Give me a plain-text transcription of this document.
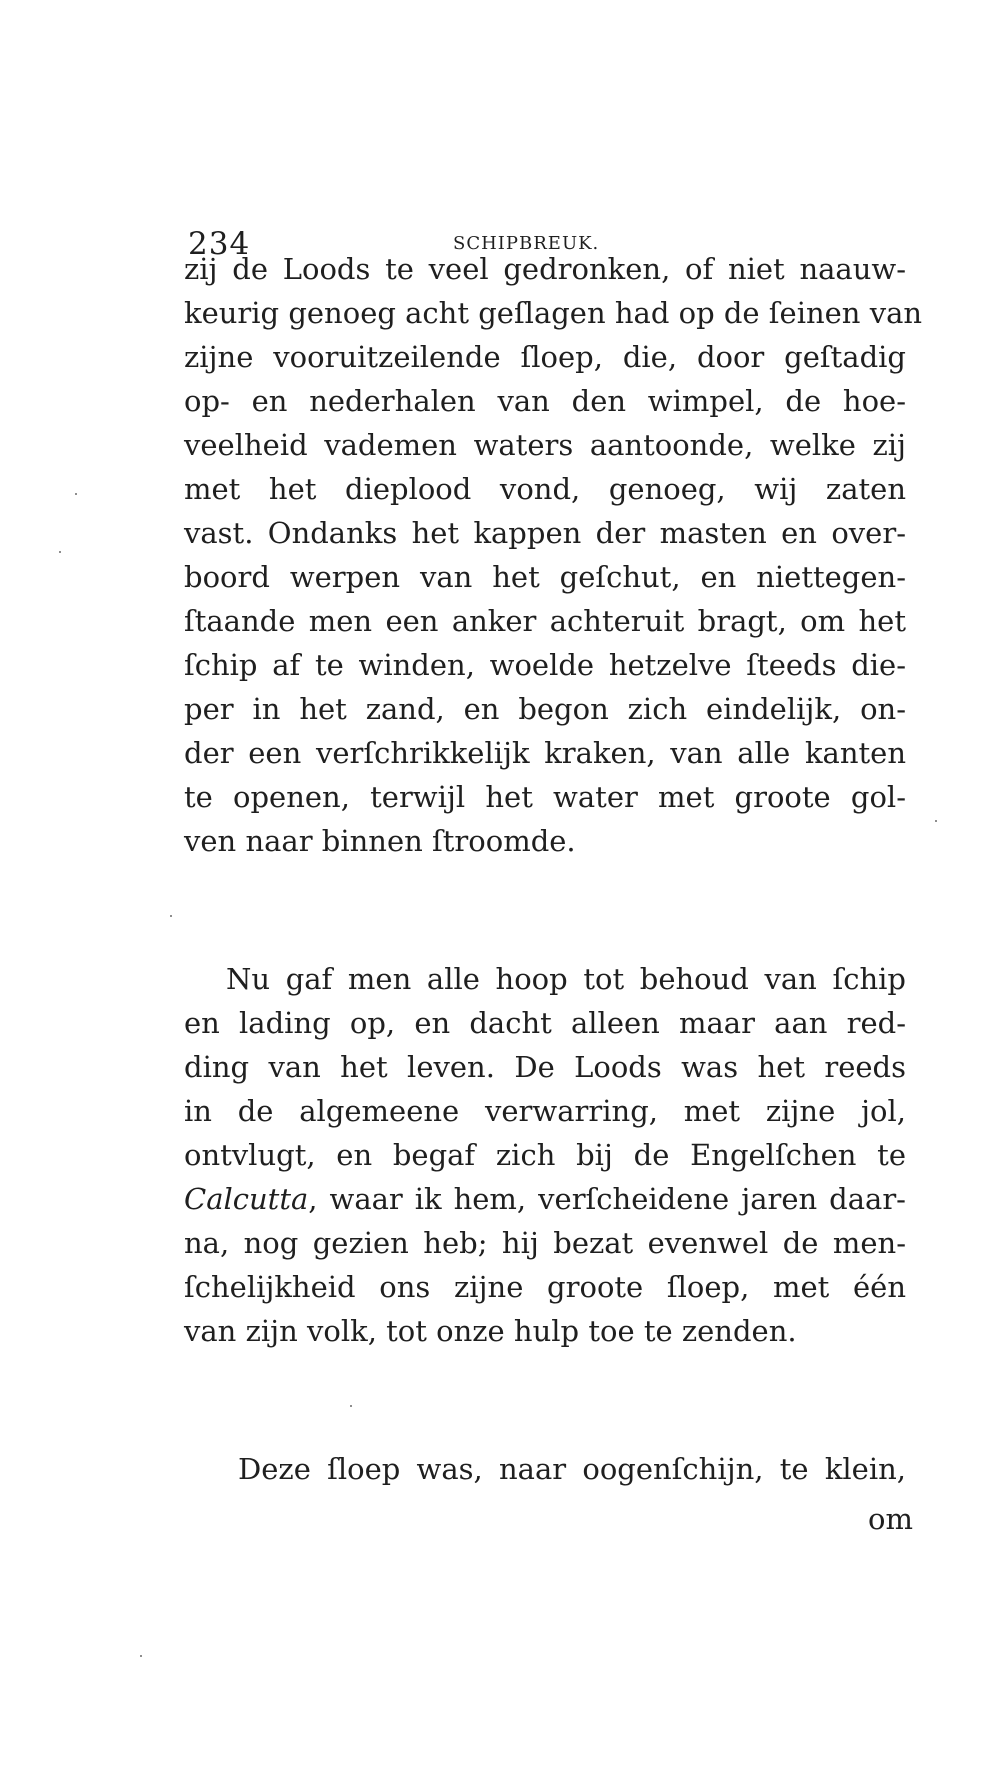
234	SCHIPBREUK.
zij de Loods te veel gedronken, of niet naauw-
keurig genoeg acht geſlagen had op de ſeinen van
zijne vooruitzeilende ſloep, die, door geſtadig
op- en nederhalen van den wimpel, de hoe-
veelheid vademen waters aantoonde, welke zij
met het dieplood vond, genoeg, wij zaten
vast. Ondanks het kappen der masten en over-
boord werpen van het geſchut, en niettegen-
ſtaande men een anker achteruit bragt, om het
ſchip af te winden, woelde hetzelve ſteeds die-
per in het zand, en begon zich eindelijk, on-
der een verſchrikkelijk kraken, van alle kanten
te openen, terwijl het water met groote gol-
ven naar binnen ſtroomde.
Nu gaf men alle hoop tot behoud van ſchip
en lading op, en dacht alleen maar aan red-
ding van het leven. De Loods was het reeds
in de algemeene verwarring, met zijne jol,
ontvlugt, en begaf zich bij de Engelſchen te
Calcutta, waar ik hem, verſcheidene jaren daar-
na, nog gezien heb; hij bezat evenwel de men-
ſchelijkheid ons zijne groote ſloep, met één
van zijn volk, tot onze hulp toe te zenden.
Deze ſloep was, naar oogenſchijn, te klein,
om
